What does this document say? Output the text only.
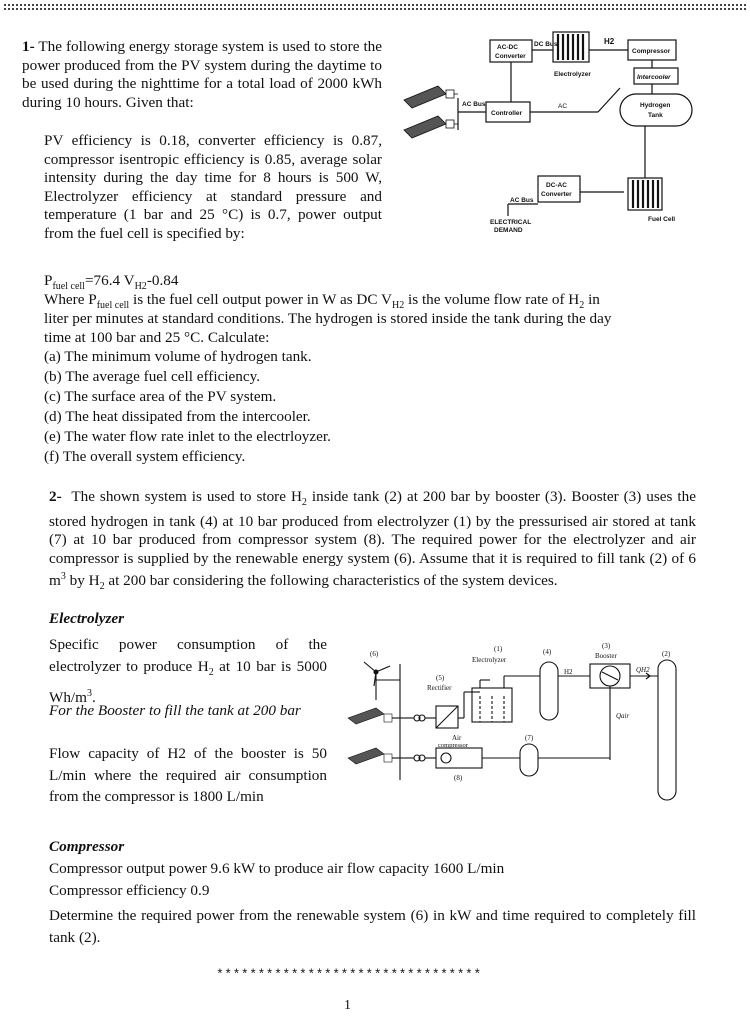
1- The following energy storage system is used to store the power produced from the PV system during the daytime to be used during the nighttime for a total load of 2000 kWh during 10 hours. Given that:

PV efficiency is 0.18, converter efficiency is 0.87, compressor isentropic efficiency is 0.85, average solar intensity during the day time for 8 hours is 500 W, Electrolyzer efficiency at standard pressure and temperature (1 bar and 25 °C) is 0.7, power output from the fuel cell is specified by:

$P_{fuel cell}=76.4$ $V_{H2}-0.84$

Where $P_{fuel cell}$ is the fuel cell output power in W as DC $V_{H2}$ is the volume flow rate of $H_2$ in

liter per minutes at standard conditions. The hydrogen is stored inside the tank during the day

time at 100 bar and 25 °C. Calculate:

(a) The minimum volume of hydrogen tank.

(b) The average fuel cell efficiency.

(c) The surface area of the PV system.

(d) The heat dissipated from the intercooler.

(e) The water flow rate inlet to the electrloyzer.

(f) The overall system efficiency.

AC-DC
Converter
DC Bus	H2
Compressor
Electrolyzer	Intercooler
AC Bus
Controller
AC	Hydrogen
Tank
DC-AC
Converter
AC Bus
ELECTRICAL
DEMAND
Fuel Cell

2-  The shown system is used to store $H_2$ inside tank (2) at 200 bar by booster (3). Booster (3) uses the stored hydrogen in tank (4) at 10 bar produced from electrolyzer (1) by the pressurised air stored at tank (7) at 10 bar produced from compressor system (8). The required power for the electrolyzer and air compressor is supplied by the renewable energy system (6). Assume that it is required to fill tank (2) of 6 $m^3$ by $H_2$ at 200 bar considering the following characteristics of the system devices.

Electrolyzer

Specific power consumption of the electrolyzer to produce $H_2$ at 10 bar is 5000 $Wh/m^3$.

For the Booster to fill the tank at 200 bar

Flow capacity of H2 of the booster is 50 L/min where the required air consumption from the compressor is 1800 L/min

Compressor

Compressor output power 9.6 kW to produce air flow capacity 1600 L/min

Compressor efficiency 0.9

Determine the required power from the renewable system (6) in kW and time required to completely fill tank (2).

(6)
(1)
Electrolyzer
(4)
(3)
Booster	(2)
(5)
Rectifier
H2	QH2
Qair
(7)
Air
compressor
(8)
********************************
1
